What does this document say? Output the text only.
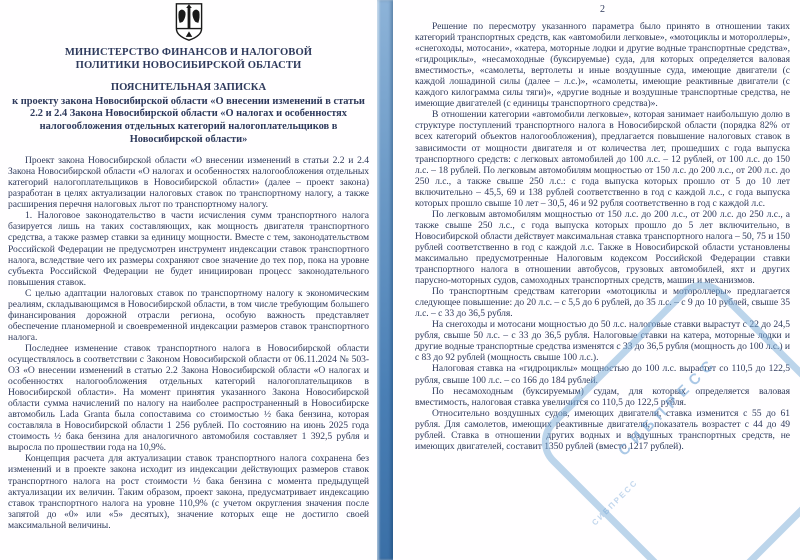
МИНИСТЕРСТВО ФИНАНСОВ И НАЛОГОВОЙ ПОЛИТИКИ НОВОСИБИРСКОЙ ОБЛАСТИ
ПОЯСНИТЕЛЬНАЯ ЗАПИСКА
к проекту закона Новосибирской области «О внесении изменений в статьи 2.2 и 2.4 Закона Новосибирской области «О налогах и особенностях налогообложения отдельных категорий налогоплательщиков в Новосибирской области»

Проект закона Новосибирской области «О внесении изменений в статьи 2.2 и 2.4 Закона Новосибирской области «О налогах и особенностях налогообложения отдельных категорий налогоплательщиков в Новосибирской области» (далее – проект закона) разработан в целях актуализации налоговых ставок по транспортному налогу, а также расширения перечня налоговых льгот по транспортному налогу.

1. Налоговое законодательство в части исчисления сумм транспортного налога базируется лишь на таких составляющих, как мощность двигателя транспортного средства, а также размер ставки за единицу мощности. Вместе с тем, законодательством Российской Федерации не предусмотрен инструмент индексации ставок транспортного налога, вследствие чего их размеры сохраняют свое значение до тех пор, пока на уровне субъекта Российской Федерации не будет инициирован процесс законодательного повышения ставок.

С целью адаптации налоговых ставок по транспортному налогу к экономическим реалиям, складывающимся в Новосибирской области, в том числе требующим большего финансирования дорожной отрасли региона, особую важность представляет обеспечение планомерной и своевременной индексации размеров ставок транспортного налога.

Последнее изменение ставок транспортного налога в Новосибирской области осуществлялось в соответствии с Законом Новосибирской области от 06.11.2024 № 503-ОЗ «О внесении изменений в статью 2.2 Закона Новосибирской области «О налогах и особенностях налогообложения отдельных категорий налогоплательщиков в Новосибирской области». На момент принятия указанного Закона Новосибирской области сумма начислений по налогу на наиболее распространенный в Новосибирске автомобиль Lada Granta была сопоставима со стоимостью ½ бака бензина, которая составляла в Новосибирской области 1 256 рублей. По состоянию на июнь 2025 года стоимость ½ бака бензина для аналогичного автомобиля составляет 1 392,5 рубля и выросла по прошествии года на 10,9%.

Концепция расчета для актуализации ставок транспортного налога сохранена без изменений и в проекте закона исходит из индексации действующих размеров ставок транспортного налога на рост стоимости ½ бака бензина с момента предыдущей актуализации их величин. Таким образом, проект закона, предусматривает индексацию ставок транспортного налога на уровне 110,9% (с учетом округления значения после запятой до «0» или «5» десятых), значение которых еще не достигло своей максимальной величины.

2

Решение по пересмотру указанного параметра было принято в отношении таких категорий транспортных средств, как «автомобили легковые», «мотоциклы и мотороллеры», «снегоходы, мотосани», «катера, моторные лодки и другие водные транспортные средства», «гидроциклы», «несамоходные (буксируемые) суда, для которых определяется валовая вместимость», «самолеты, вертолеты и иные воздушные суда, имеющие двигатели (с каждой лошадиной силы (далее – л.с.)», «самолеты, имеющие реактивные двигатели (с каждого килограмма силы тяги)», «другие водные и воздушные транспортные средства, не имеющие двигателей (с единицы транспортного средства)».

В отношении категории «автомобили легковые», которая занимает наибольшую долю в структуре поступлений транспортного налога в Новосибирской области (порядка 82% от всех категорий объектов налогообложения), предлагается повышение налоговых ставок в зависимости от мощности двигателя и от количества лет, прошедших с года выпуска транспортного средств: с легковых автомобилей до 100 л.с. – 12 рублей, от 100 л.с. до 150 л.с. – 18 рублей. По легковым автомобилям мощностью от 150 л.с. до 200 л.с., от 200 л.с. до 250 л.с., а также свыше 250 л.с.: с года выпуска которых прошло от 5 до 10 лет включительно – 45,5, 69 и 138 рублей соответственно в год с каждой л.с., с года выпуска которых прошло свыше 10 лет – 30,5, 46 и 92 рубля соответственно в год с каждой л.с.

По легковым автомобилям мощностью от 150 л.с. до 200 л.с., от 200 л.с. до 250 л.с., а также свыше 250 л.с., с года выпуска которых прошло до 5 лет включительно, в Новосибирской области действует максимальная ставка транспортного налога – 50, 75 и 150 рублей соответственно в год с каждой л.с. Также в Новосибирской области установлены максимально предусмотренные Налоговым кодексом Российской Федерации ставки транспортного налога в отношении автобусов, грузовых автомобилей, яхт и других парусно-моторных судов, самоходных транспортных средств, машин и механизмов.

По транспортным средствам категории «мотоциклы и мотороллеры» предлагается следующее повышение: до 20 л.с. – с 5,5 до 6 рублей, до 35 л.с. – с 9 до 10 рублей, свыше 35 л.с. – с 33 до 36,5 рубля.

На снегоходы и мотосани мощностью до 50 л.с. налоговые ставки вырастут с 22 до 24,5 рубля, свыше 50 л.с. – с 33 до 36,5 рубля. Налоговые ставки на катера, моторные лодки и другие водные транспортные средства изменятся с 33 до 36,5 рубля (мощность до 100 л.с.) и с 83 до 92 рублей (мощность свыше 100 л.с.).

Налоговая ставка на «гидроциклы» мощностью до 100 л.с. вырастет со 110,5 до 122,5 рубля, свыше 100 л.с. – со 166 до 184 рублей.

По несамоходным (буксируемым) судам, для которых определяется валовая вместимость, налоговая ставка увеличится со 110,5 до 122,5 рубля.

Относительно воздушных судов, имеющих двигатели, ставка изменится с 55 до 61 рубля. Для самолетов, имеющих реактивные двигатели, показатель возрастет с 44 до 49 рублей. Ставка в отношении других водных и воздушных транспортных средств, не имеющих двигателей, составит 1350 рублей (вместо 1217 рублей).

СИБПРЕСС
СИБПРЕСС
